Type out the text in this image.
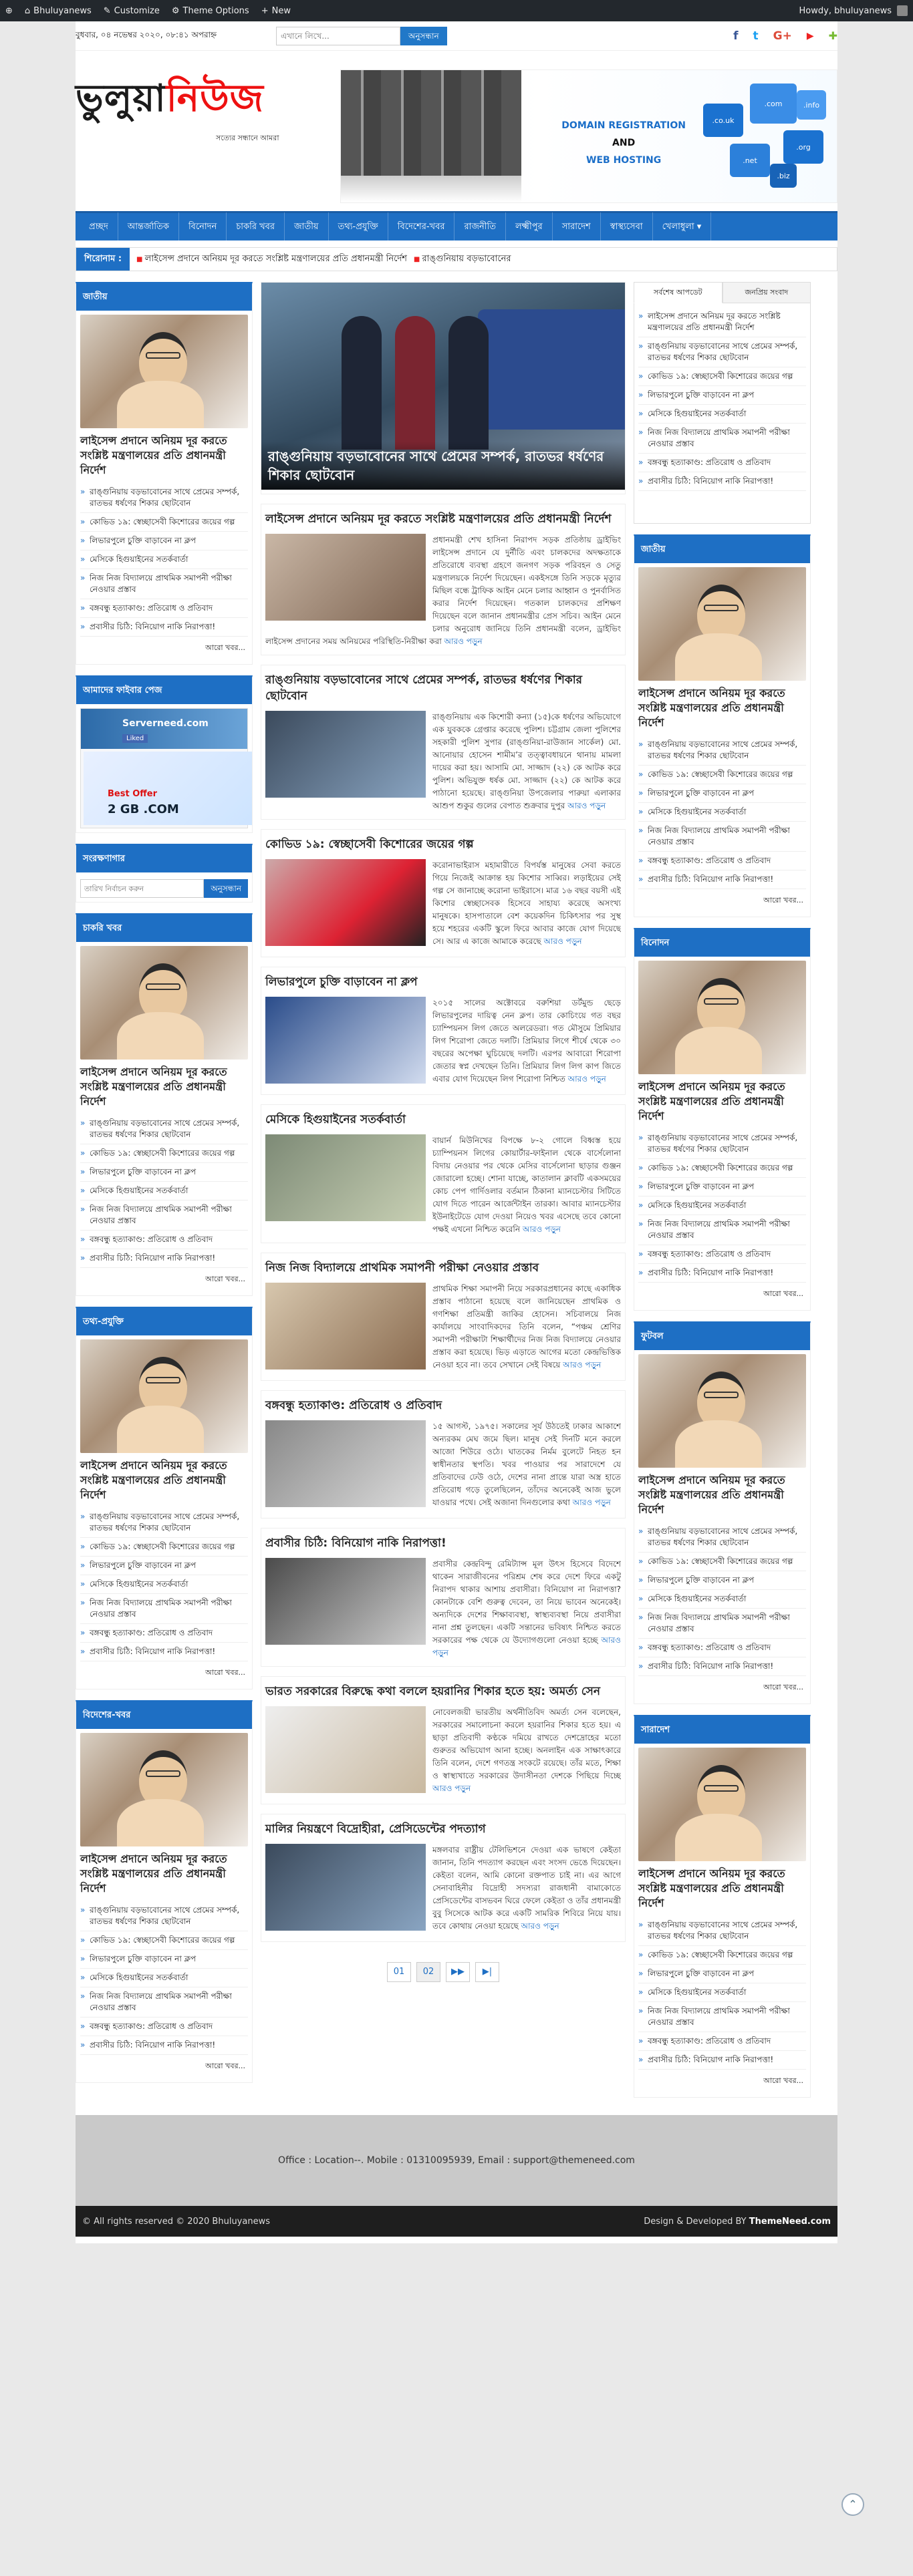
⊕ ⌂ Bhuluyanews ✎ Customize ⚙ Theme Options + New	Howdy, bhuluyanews
বুধবার, ০৪ নভেম্বর ২০২০, ০৮:৪১ অপরাহ্ন
এখানে লিখে...	অনুসন্ধান	f t G+ ▶ ✚
ভুলুয়ানিউজ
সত্যের সন্ধানে আমরা
DOMAIN REGISTRATION
AND
WEB HOSTING
.co.uk
.com
.org
.net
.info
.biz
প্রচ্ছদ	আন্তর্জাতিক	বিনোদন	চাকরি খবর	জাতীয়	তথ্য-প্রযুক্তি	বিদেশের-খবর	রাজনীতি	লক্ষ্মীপুর	সারাদেশ	স্বাস্থ্যসেবা	খেলাধুলা ▾
শিরোনাম :	■ লাইসেন্স প্রদানে অনিয়ম দূর করতে সংশ্লিষ্ট মন্ত্রণালয়ের প্রতি প্রধানমন্ত্রী নির্দেশ	■ রাঙ্গুনিয়ায় বড়ভাবোনের
জাতীয়
লাইসেন্স প্রদানে অনিয়ম দূর করতে সংশ্লিষ্ট মন্ত্রণালয়ের প্রতি প্রধানমন্ত্রী নির্দেশ
» রাঙ্গুনিয়ায় বড়ভাবোনের সাথে প্রেমের সম্পর্ক, রাতভর ধর্ষণের শিকার ছোটবোন
» কোভিড ১৯: স্বেচ্ছাসেবী কিশোরের জয়ের গল্প
» লিভারপুলে চুক্তি বাড়াবেন না ক্লপ
» মেসিকে হিগুয়াইনের সতর্কবার্তা
» নিজ নিজ বিদ্যালয়ে প্রাথমিক সমাপনী পরীক্ষা নেওয়ার প্রস্তাব
» বঙ্গবন্ধু হত্যাকাণ্ড: প্রতিরোধ ও প্রতিবাদ
» প্রবাসীর চিঠি: বিনিয়োগ নাকি নিরাপত্তা!
আরো খবর...
আমাদের ফাইবার পেজ
Serverneed.com
Liked
Best Offer
2 GB .COM
সংরক্ষণাগার
তারিখ নির্বাচন করুন
অনুসন্ধান
চাকরি খবর
লাইসেন্স প্রদানে অনিয়ম দূর করতে সংশ্লিষ্ট মন্ত্রণালয়ের প্রতি প্রধানমন্ত্রী নির্দেশ
» রাঙ্গুনিয়ায় বড়ভাবোনের সাথে প্রেমের সম্পর্ক, রাতভর ধর্ষণের শিকার ছোটবোন
» কোভিড ১৯: স্বেচ্ছাসেবী কিশোরের জয়ের গল্প
» লিভারপুলে চুক্তি বাড়াবেন না ক্লপ
» মেসিকে হিগুয়াইনের সতর্কবার্তা
» নিজ নিজ বিদ্যালয়ে প্রাথমিক সমাপনী পরীক্ষা নেওয়ার প্রস্তাব
» বঙ্গবন্ধু হত্যাকাণ্ড: প্রতিরোধ ও প্রতিবাদ
» প্রবাসীর চিঠি: বিনিয়োগ নাকি নিরাপত্তা!
আরো খবর...
তথ্য-প্রযুক্তি
লাইসেন্স প্রদানে অনিয়ম দূর করতে সংশ্লিষ্ট মন্ত্রণালয়ের প্রতি প্রধানমন্ত্রী নির্দেশ
» রাঙ্গুনিয়ায় বড়ভাবোনের সাথে প্রেমের সম্পর্ক, রাতভর ধর্ষণের শিকার ছোটবোন
» কোভিড ১৯: স্বেচ্ছাসেবী কিশোরের জয়ের গল্প
» লিভারপুলে চুক্তি বাড়াবেন না ক্লপ
» মেসিকে হিগুয়াইনের সতর্কবার্তা
» নিজ নিজ বিদ্যালয়ে প্রাথমিক সমাপনী পরীক্ষা নেওয়ার প্রস্তাব
» বঙ্গবন্ধু হত্যাকাণ্ড: প্রতিরোধ ও প্রতিবাদ
» প্রবাসীর চিঠি: বিনিয়োগ নাকি নিরাপত্তা!
আরো খবর...
বিদেশের-খবর
লাইসেন্স প্রদানে অনিয়ম দূর করতে সংশ্লিষ্ট মন্ত্রণালয়ের প্রতি প্রধানমন্ত্রী নির্দেশ
» রাঙ্গুনিয়ায় বড়ভাবোনের সাথে প্রেমের সম্পর্ক, রাতভর ধর্ষণের শিকার ছোটবোন
» কোভিড ১৯: স্বেচ্ছাসেবী কিশোরের জয়ের গল্প
» লিভারপুলে চুক্তি বাড়াবেন না ক্লপ
» মেসিকে হিগুয়াইনের সতর্কবার্তা
» নিজ নিজ বিদ্যালয়ে প্রাথমিক সমাপনী পরীক্ষা নেওয়ার প্রস্তাব
» বঙ্গবন্ধু হত্যাকাণ্ড: প্রতিরোধ ও প্রতিবাদ
» প্রবাসীর চিঠি: বিনিয়োগ নাকি নিরাপত্তা!
আরো খবর...
রাঙ্গুনিয়ায় বড়ভাবোনের সাথে প্রেমের সম্পর্ক, রাতভর ধর্ষণের শিকার ছোটবোন
লাইসেন্স প্রদানে অনিয়ম দূর করতে সংশ্লিষ্ট মন্ত্রণালয়ের প্রতি প্রধানমন্ত্রী নির্দেশ

প্রধানমন্ত্রী শেখ হাসিনা নিরাপদ সড়ক প্রতিষ্ঠায় ড্রাইভিং লাইসেন্স প্রদানে যে দুর্নীতি এবং চালকদের অদক্ষতাকে প্রতিরোধে ব্যবস্থা গ্রহণে জনগণ সড়ক পরিবহন ও সেতু মন্ত্রণালয়কে নির্দেশ দিয়েছেন। একইসঙ্গে তিনি সড়কে মৃত্যুর মিছিল বন্ধে ট্রাফিক আইন মেনে চলার আহ্বান ও পুনর্বাসিত করার নির্দেশ দিয়েছেন। গতকাল চালকদের প্রশিক্ষণ দিয়েছেন বলে জানান প্রধানমন্ত্রীর প্রেস সচিব। আইন মেনে চলার অনুরোধ জানিয়ে তিনি প্রধানমন্ত্রী বলেন, ড্রাইভিং লাইসেন্স প্রদানের সময় অনিয়মের পরিস্থিতি-নিরীক্ষা করা আরও পড়ুন

রাঙ্গুনিয়ায় বড়ভাবোনের সাথে প্রেমের সম্পর্ক, রাতভর ধর্ষণের শিকার ছোটবোন

রাঙ্গুনিয়ায় এক কিশোরী কন্যা (১৫)কে ধর্ষণের অভিযোগে এক যুবককে গ্রেপ্তার করেছে পুলিশ। চট্টগ্রাম জেলা পুলিশের সহকারী পুলিশ সুপার (রাঙ্গুনিয়া-রাউজান সার্কেল) মো. আনোয়ার হোসেন শামীম’র তত্ত্বাবধায়নে থানায় মামলা দায়ের করা হয়। আসামি মো. সাজ্জাদ (২২) কে আটক করে পুলিশ। অভিযুক্ত ধর্ষক মো. সাজ্জাদ (২২) কে আটক করে পাঠানো হয়েছে। রাঙ্গুনিয়া উপজেলার পারুয়া এলাকার আশুপ শুকুর গুলের বেপাত শুক্রবার দুপুর আরও পড়ুন

কোভিড ১৯: স্বেচ্ছাসেবী কিশোরের জয়ের গল্প

করোনাভাইরাস মহামারীতে বিপর্যস্ত মানুষের সেবা করতে গিয়ে নিজেই আক্রান্ত হয় কিশোর সাব্বির। লড়াইয়ের সেই গল্প সে জানাচ্ছে করোনা ভাইরাসে। মাত্র ১৬ বছর বয়সী এই কিশোর স্বেচ্ছাসেবক হিসেবে সাহায্য করেছে অসংখ্য মানুষকে। হাসপাতালে বেশ কয়েকদিন চিকিৎসার পর সুস্থ হয়ে শহরের একটি স্কুলে ফিরে আবার কাজে যোগ দিয়েছে সে। আর এ কাজে আমাকে করেছে আরও পড়ুন

লিভারপুলে চুক্তি বাড়াবেন না ক্লপ

২০১৫ সালের অক্টোবরে বরুশিয়া ডর্টমুন্ড ছেড়ে লিভারপুলের দায়িত্ব নেন ক্লপ। তার কোচিংয়ে গত বছর চ্যাম্পিয়নস লিগ জেতে অলরেডরা। গত মৌসুমে প্রিমিয়ার লিগ শিরোপা জেতে দলটি। প্রিমিয়ার লিগে শীর্ষে থেকে ৩০ বছরের অপেক্ষা ঘুচিয়েছে দলটি। এরপর আবারো শিরোপা জেতার স্বপ্ন দেখছেন তিনি। প্রিমিয়ার লিগ লিগ কাপ জিতে এবার যোগ দিয়েছেন লিগ শিরোপা নিশ্চিত আরও পড়ুন

মেসিকে হিগুয়াইনের সতর্কবার্তা

বায়ার্ন মিউনিখের বিপক্ষে ৮-২ গোলে বিধ্বস্ত হয়ে চ্যাম্পিয়নস লিগের কোয়ার্টার-ফাইনাল থেকে বার্সেলোনা বিদায় নেওয়ার পর থেকে মেসির বার্সেলোনা ছাড়ার গুঞ্জন জোরালো হচ্ছে। শোনা যাচ্ছে, কাতালান ক্লাবটি একসময়ের কোচ পেপ গার্দিওলার বর্তমান ঠিকানা ম্যানচেস্টার সিটিতে যোগ দিতে পারেন আর্জেন্টাইন তারকা। আবার ম্যানচেস্টার ইউনাইটেডে যোগ দেওয়া নিয়েও খবর এসেছে তবে কোনো পক্ষই এখনো নিশ্চিত করেনি আরও পড়ুন

নিজ নিজ বিদ্যালয়ে প্রাথমিক সমাপনী পরীক্ষা নেওয়ার প্রস্তাব

প্রাথমিক শিক্ষা সমাপনী নিয়ে সরকারপ্রধানের কাছে একাধিক প্রস্তাব পাঠানো হয়েছে বলে জানিয়েছেন প্রাথমিক ও গণশিক্ষা প্রতিমন্ত্রী জাকির হোসেন। সচিবালয়ে নিজ কার্যালয়ে সাংবাদিকদের তিনি বলেন, “পঞ্চম শ্রেণির সমাপনী পরীক্ষাটা শিক্ষার্থীদের নিজ নিজ বিদ্যালয়ে নেওয়ার প্রস্তাব করা হয়েছে। ভিড় এড়াতে আগের মতো কেন্দ্রভিত্তিক নেওয়া হবে না। তবে সেখানে সেই বিষয়ে আরও পড়ুন

বঙ্গবন্ধু হত্যাকাণ্ড: প্রতিরোধ ও প্রতিবাদ

১৫ আগস্ট, ১৯৭৫। সকালের সূর্য উঠতেই ঢাকার আকাশে অন্যরকম মেঘ জমে ছিল। মানুষ সেই দিনটি মনে করলে আজো শিউরে ওঠে। ঘাতকের নির্মম বুলেটে নিহত হন স্বাধীনতার স্থপতি। খবর পাওয়ার পর সারাদেশে যে প্রতিবাদের ঢেউ ওঠে, দেশের নানা প্রান্তে যারা অস্ত্র হাতে প্রতিরোধ গড়ে তুলেছিলেন, তাঁদের অনেকেই আজ ভুলে যাওয়ার পথে। সেই অজানা দিনগুলোর কথা আরও পড়ুন

প্রবাসীর চিঠি: বিনিয়োগ নাকি নিরাপত্তা!

প্রবাসীর কেন্দ্রবিন্দু রেমিট্যান্স মূল উৎস হিসেবে বিদেশে থাকেন সারাজীবনের পরিশ্রম শেষ করে দেশে ফিরে একটু নিরাপদ থাকার আশায় প্রবাসীরা। বিনিয়োগ না নিরাপত্তা? কোনটাকে বেশি গুরুত্ব দেবেন, তা নিয়ে ভাবেন অনেকেই। অন্যদিকে দেশের শিক্ষাব্যবস্থা, স্বাস্থ্যব্যবস্থা নিয়ে প্রবাসীরা নানা প্রশ্ন তুলছেন। একটি সন্তানের ভবিষ্যৎ নিশ্চিত করতে সরকারের পক্ষ থেকে যে উদ্যোগগুলো নেওয়া হচ্ছে আরও পড়ুন

ভারত সরকারের বিরুদ্ধে কথা বললে হয়রানির শিকার হতে হয়: অমর্ত্য সেন

নোবেলজয়ী ভারতীয় অর্থনীতিবিদ অমর্ত্য সেন বলেছেন, সরকারের সমালোচনা করলে হয়রানির শিকার হতে হয়। এ ছাড়া প্রতিবাদী কণ্ঠকে দমিয়ে রাখতে দেশদ্রোহের মতো গুরুতর অভিযোগ আনা হচ্ছে। অনলাইন এক সাক্ষাৎকারে তিনি বলেন, দেশে গণতন্ত্র সংকটে রয়েছে। তাঁর মতে, শিক্ষা ও স্বাস্থ্যখাতে সরকারের উদাসীনতা দেশকে পিছিয়ে দিচ্ছে আরও পড়ুন

মালির নিয়ন্ত্রণে বিদ্রোহীরা, প্রেসিডেন্টের পদত্যাগ

মঙ্গলবার রাষ্ট্রীয় টেলিভিশনে দেওয়া এক ভাষণে কেইতা জানান, তিনি পদত্যাগ করছেন এবং সংসদ ভেঙে দিয়েছেন। কেইতা বলেন, আমি কোনো রক্তপাত চাই না। এর আগে সেনাবাহিনীর বিদ্রোহী সদস্যরা রাজধানী বামাকোতে প্রেসিডেন্টের বাসভবন ঘিরে ফেলে কেইতা ও তাঁর প্রধানমন্ত্রী বুবু সিসেকে আটক করে একটি সামরিক শিবিরে নিয়ে যায়। তবে কোথায় নেওয়া হয়েছে আরও পড়ুন

01	02	▶▶	▶|
সর্বশেষ আপডেট	জনপ্রিয় সংবাদ
» লাইসেন্স প্রদানে অনিয়ম দূর করতে সংশ্লিষ্ট মন্ত্রণালয়ের প্রতি প্রধানমন্ত্রী নির্দেশ
» রাঙ্গুনিয়ায় বড়ভাবোনের সাথে প্রেমের সম্পর্ক, রাতভর ধর্ষণের শিকার ছোটবোন
» কোভিড ১৯: স্বেচ্ছাসেবী কিশোরের জয়ের গল্প
» লিভারপুলে চুক্তি বাড়াবেন না ক্লপ
» মেসিকে হিগুয়াইনের সতর্কবার্তা
» নিজ নিজ বিদ্যালয়ে প্রাথমিক সমাপনী পরীক্ষা নেওয়ার প্রস্তাব
» বঙ্গবন্ধু হত্যাকাণ্ড: প্রতিরোধ ও প্রতিবাদ
» প্রবাসীর চিঠি: বিনিয়োগ নাকি নিরাপত্তা!
জাতীয়
লাইসেন্স প্রদানে অনিয়ম দূর করতে সংশ্লিষ্ট মন্ত্রণালয়ের প্রতি প্রধানমন্ত্রী নির্দেশ
» রাঙ্গুনিয়ায় বড়ভাবোনের সাথে প্রেমের সম্পর্ক, রাতভর ধর্ষণের শিকার ছোটবোন
» কোভিড ১৯: স্বেচ্ছাসেবী কিশোরের জয়ের গল্প
» লিভারপুলে চুক্তি বাড়াবেন না ক্লপ
» মেসিকে হিগুয়াইনের সতর্কবার্তা
» নিজ নিজ বিদ্যালয়ে প্রাথমিক সমাপনী পরীক্ষা নেওয়ার প্রস্তাব
» বঙ্গবন্ধু হত্যাকাণ্ড: প্রতিরোধ ও প্রতিবাদ
» প্রবাসীর চিঠি: বিনিয়োগ নাকি নিরাপত্তা!
আরো খবর...
বিনোদন
লাইসেন্স প্রদানে অনিয়ম দূর করতে সংশ্লিষ্ট মন্ত্রণালয়ের প্রতি প্রধানমন্ত্রী নির্দেশ
» রাঙ্গুনিয়ায় বড়ভাবোনের সাথে প্রেমের সম্পর্ক, রাতভর ধর্ষণের শিকার ছোটবোন
» কোভিড ১৯: স্বেচ্ছাসেবী কিশোরের জয়ের গল্প
» লিভারপুলে চুক্তি বাড়াবেন না ক্লপ
» মেসিকে হিগুয়াইনের সতর্কবার্তা
» নিজ নিজ বিদ্যালয়ে প্রাথমিক সমাপনী পরীক্ষা নেওয়ার প্রস্তাব
» বঙ্গবন্ধু হত্যাকাণ্ড: প্রতিরোধ ও প্রতিবাদ
» প্রবাসীর চিঠি: বিনিয়োগ নাকি নিরাপত্তা!
আরো খবর...
ফুটবল
লাইসেন্স প্রদানে অনিয়ম দূর করতে সংশ্লিষ্ট মন্ত্রণালয়ের প্রতি প্রধানমন্ত্রী নির্দেশ
» রাঙ্গুনিয়ায় বড়ভাবোনের সাথে প্রেমের সম্পর্ক, রাতভর ধর্ষণের শিকার ছোটবোন
» কোভিড ১৯: স্বেচ্ছাসেবী কিশোরের জয়ের গল্প
» লিভারপুলে চুক্তি বাড়াবেন না ক্লপ
» মেসিকে হিগুয়াইনের সতর্কবার্তা
» নিজ নিজ বিদ্যালয়ে প্রাথমিক সমাপনী পরীক্ষা নেওয়ার প্রস্তাব
» বঙ্গবন্ধু হত্যাকাণ্ড: প্রতিরোধ ও প্রতিবাদ
» প্রবাসীর চিঠি: বিনিয়োগ নাকি নিরাপত্তা!
আরো খবর...
সারাদেশ
লাইসেন্স প্রদানে অনিয়ম দূর করতে সংশ্লিষ্ট মন্ত্রণালয়ের প্রতি প্রধানমন্ত্রী নির্দেশ
» রাঙ্গুনিয়ায় বড়ভাবোনের সাথে প্রেমের সম্পর্ক, রাতভর ধর্ষণের শিকার ছোটবোন
» কোভিড ১৯: স্বেচ্ছাসেবী কিশোরের জয়ের গল্প
» লিভারপুলে চুক্তি বাড়াবেন না ক্লপ
» মেসিকে হিগুয়াইনের সতর্কবার্তা
» নিজ নিজ বিদ্যালয়ে প্রাথমিক সমাপনী পরীক্ষা নেওয়ার প্রস্তাব
» বঙ্গবন্ধু হত্যাকাণ্ড: প্রতিরোধ ও প্রতিবাদ
» প্রবাসীর চিঠি: বিনিয়োগ নাকি নিরাপত্তা!
আরো খবর...
Office : Location--. Mobile : 01310095939, Email : support@themeneed.com
© All rights reserved © 2020 Bhuluyanews	Design & Developed BY ThemeNeed.com
⌃
